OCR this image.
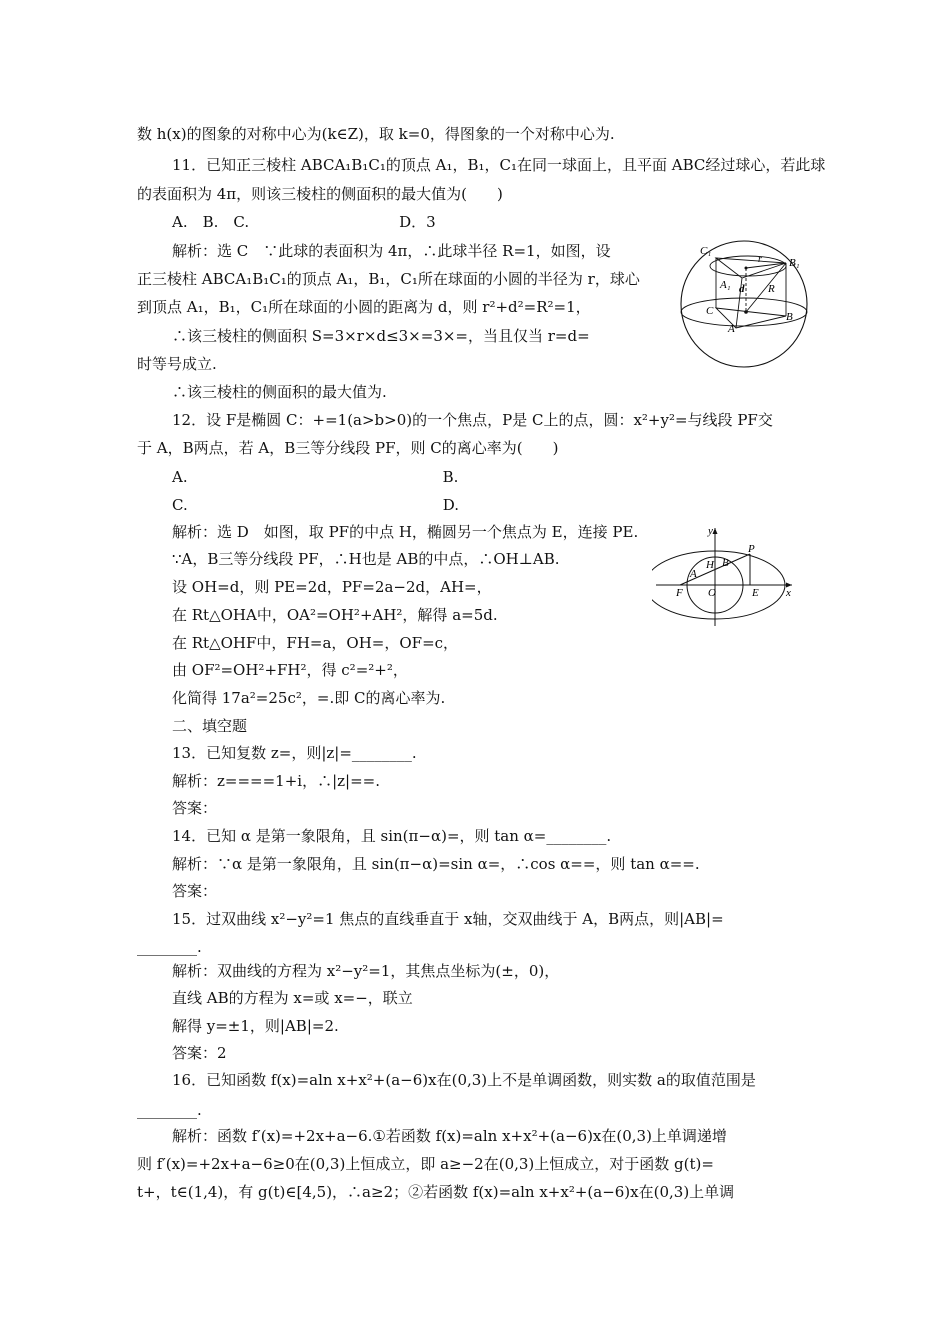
数 h(x)的图象的对称中心为(k∈Z)，取 k=0，得图象的一个对称中心为.
11．已知正三棱柱 ABCA₁B₁C₁的顶点 A₁，B₁，C₁在同一球面上，且平面 ABC经过球心，若此球
的表面积为 4π，则该三棱柱的侧面积的最大值为(　　)
A.　B.　C.　　　　　　　　　　D．3
解析：选 C　∵此球的表面积为 4π，∴此球半径 R=1，如图，设
正三棱柱 ABCA₁B₁C₁的顶点 A₁，B₁，C₁所在球面的小圆的半径为 r，球心
到顶点 A₁，B₁，C₁所在球面的小圆的距离为 d，则 r²+d²=R²=1，
∴该三棱柱的侧面积 S=3×r×d≤3×=3×=，当且仅当 r=d=
时等号成立.
∴该三棱柱的侧面积的最大值为.
12．设 F是椭圆 C：+=1(a>b>0)的一个焦点，P是 C上的点，圆：x²+y²=与线段 PF交
于 A，B两点，若 A，B三等分线段 PF，则 C的离心率为(　　)
A.　　　　　　　　　　　　　　　　　B.
C.　　　　　　　　　　　　　　　　　D.
解析：选 D　如图，取 PF的中点 H，椭圆另一个焦点为 E，连接 PE.
∵A，B三等分线段 PF，∴H也是 AB的中点，∴OH⊥AB.
设 OH=d，则 PE=2d，PF=2a−2d，AH=，
在 Rt△OHA中，OA²=OH²+AH²，解得 a=5d.
在 Rt△OHF中，FH=a，OH=，OF=c，
由 OF²=OH²+FH²，得 c²=²+²，
化简得 17a²=25c²，=.即 C的离心率为.
二、填空题
13．已知复数 z=，则|z|=________.
解析：z====1+i，∴|z|==.
答案：
14．已知 α 是第一象限角，且 sin(π−α)=，则 tan α=________.
解析：∵α 是第一象限角，且 sin(π−α)=sin α=，∴cos α==，则 tan α==.
答案：
15．过双曲线 x²−y²=1 焦点的直线垂直于 x轴，交双曲线于 A，B两点，则|AB|=
________.
解析：双曲线的方程为 x²−y²=1，其焦点坐标为(±，0)，
直线 AB的方程为 x=或 x=−，联立
解得 y=±1，则|AB|=2.
答案：2
16．已知函数 f(x)=aln x+x²+(a−6)x在(0,3)上不是单调函数，则实数 a的取值范围是
________.
解析：函数 f′(x)=+2x+a−6.①若函数 f(x)=aln x+x²+(a−6)x在(0,3)上单调递增
则 f′(x)=+2x+a−6≥0在(0,3)上恒成立，即 a≥−2在(0,3)上恒成立，对于函数 g(t)=
t+，t∈(1,4)，有 g(t)∈[4,5)，∴a≥2；②若函数 f(x)=aln x+x²+(a−6)x在(0,3)上单调
C₁
B₁
A₁ d
r
R
C
A
B
y
x
O
F	E
A
H B
P
